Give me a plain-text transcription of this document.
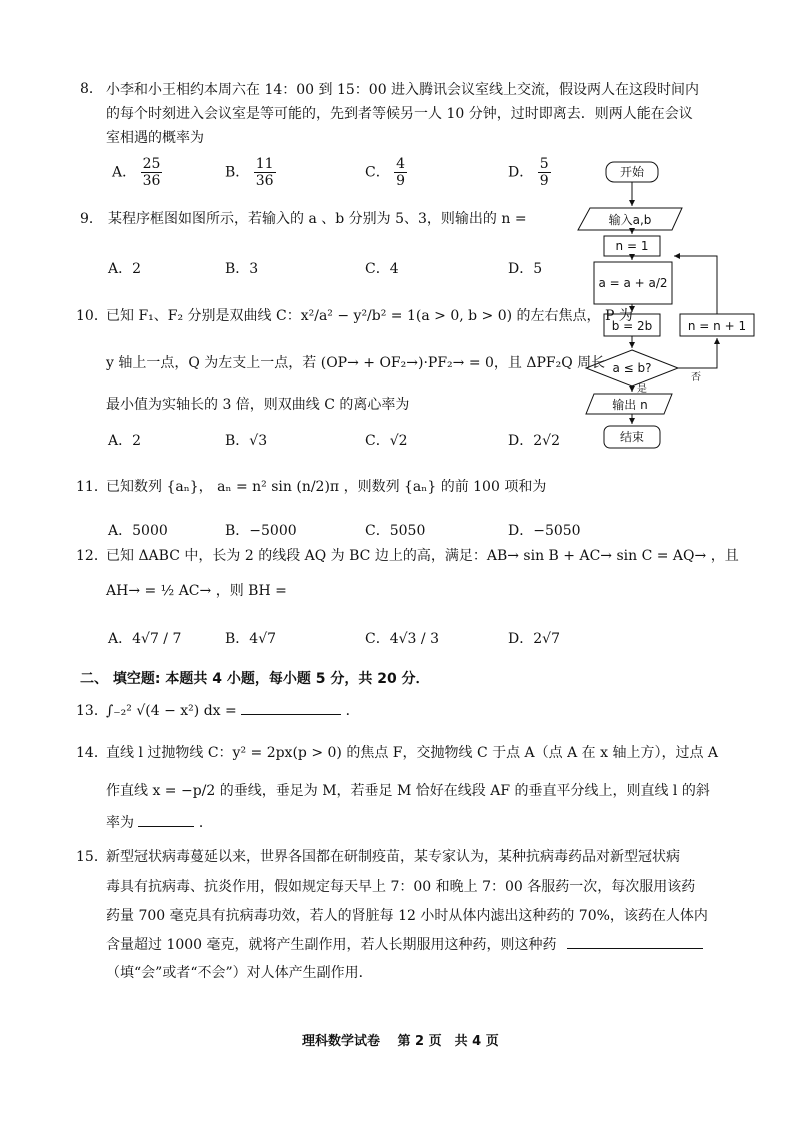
8． 小李和小王相约本周六在 14：00 到 15：00 进入腾讯会议室线上交流，假设两人在这段时间内的每个时刻进入会议室是等可能的，先到者等候另一人 10 分钟，过时即离去．则两人能在会议室相遇的概率为
A． $\frac{25}{36}$	B． $\frac{11}{36}$	C． $\frac{4}{9}$	D． $\frac{5}{9}$
9． 某程序框图如图所示，若输入的 a 、b 分别为 5、3，则输出的 n =
A．2	B．3	C．4	D．5
10．
已知 F₁、F₂ 分别是双曲线 C：x²/a² − y²/b² = 1(a > 0, b > 0) 的左右焦点， P 为
y 轴上一点，Q 为左支上一点，若 (OP→ + OF₂→)·PF₂→ = 0，且 ΔPF₂Q 周长
最小值为实轴长的 3 倍，则双曲线 C 的离心率为
A．2	B．√3	C．√2	D．2√2
11．
已知数列 {aₙ}， aₙ = n² sin (n/2)π ，则数列 {aₙ} 的前 100 项和为
A．5000	B．−5000	C．5050	D．−5050
12．
已知 ΔABC 中，长为 2 的线段 AQ 为 BC 边上的高，满足：AB→ sin B + AC→ sin C = AQ→ ，且
AH→ = ½ AC→ ，则 BH =
A．4√7 / 7	B．4√7	C．4√3 / 3	D．2√7
二、 填空题: 本题共 4 小题，每小题 5 分，共 20 分．
13．
∫₋₂² √(4 − x²) dx =	．
14．
直线 l 过抛物线 C：y² = 2px(p > 0) 的焦点 F，交抛物线 C 于点 A（点 A 在 x 轴上方），过点 A
作直线 x = −p/2 的垂线，垂足为 M，若垂足 M 恰好在线段 AF 的垂直平分线上，则直线 l 的斜
率为	．
15．
新型冠状病毒蔓延以来，世界各国都在研制疫苗，某专家认为，某种抗病毒药品对新型冠状病
毒具有抗病毒、抗炎作用，假如规定每天早上 7：00 和晚上 7：00 各服药一次，每次服用该药
药量 700 毫克具有抗病毒功效，若人的肾脏每 12 小时从体内滤出这种药的 70%，该药在人体内
含量超过 1000 毫克，就将产生副作用，若人长期服用这种药，则这种药
（填“会”或者“不会”）对人体产生副作用．
理科数学试卷　 第 2 页　共 4 页
开始
输入a,b
n = 1
a = a + a/2
b = 2b	n = n + 1
a ≤ b?
否
是
输出 n
结束
